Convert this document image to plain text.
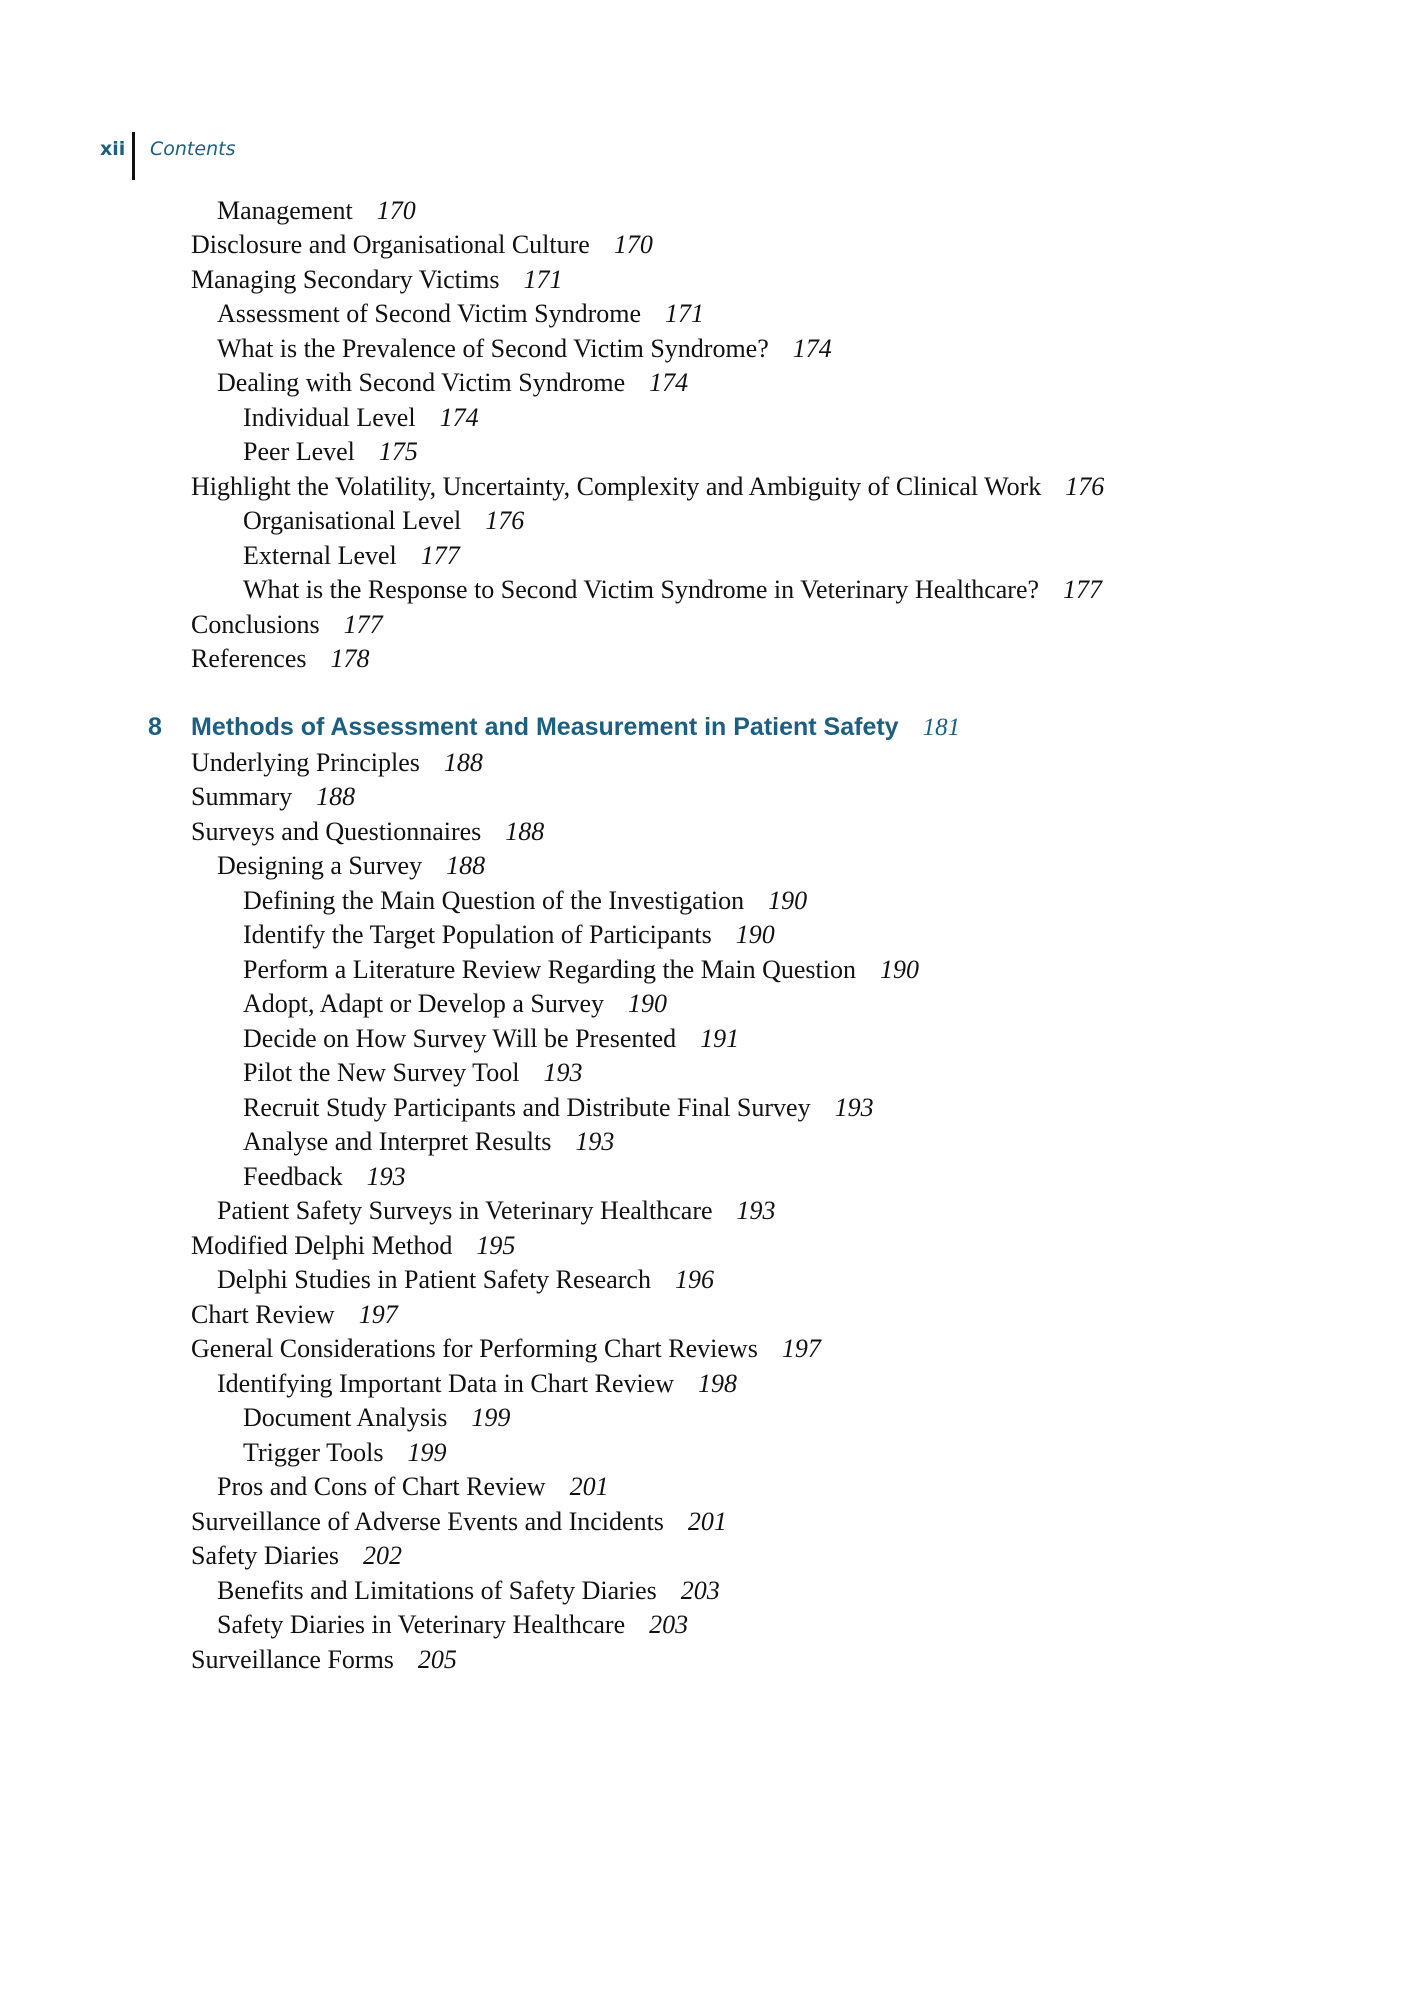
xii Contents
Management 170
Disclosure and Organisational Culture 170
Managing Secondary Victims 171
Assessment of Second Victim Syndrome 171
What is the Prevalence of Second Victim Syndrome? 174
Dealing with Second Victim Syndrome 174
Individual Level 174
Peer Level 175
Highlight the Volatility, Uncertainty, Complexity and Ambiguity of Clinical Work 176
Organisational Level 176
External Level 177
What is the Response to Second Victim Syndrome in Veterinary Healthcare? 177
Conclusions 177
References 178
8 Methods of Assessment and Measurement in Patient Safety 181
Underlying Principles 188
Summary 188
Surveys and Questionnaires 188
Designing a Survey 188
Defining the Main Question of the Investigation 190
Identify the Target Population of Participants 190
Perform a Literature Review Regarding the Main Question 190
Adopt, Adapt or Develop a Survey 190
Decide on How Survey Will be Presented 191
Pilot the New Survey Tool 193
Recruit Study Participants and Distribute Final Survey 193
Analyse and Interpret Results 193
Feedback 193
Patient Safety Surveys in Veterinary Healthcare 193
Modified Delphi Method 195
Delphi Studies in Patient Safety Research 196
Chart Review 197
General Considerations for Performing Chart Reviews 197
Identifying Important Data in Chart Review 198
Document Analysis 199
Trigger Tools 199
Pros and Cons of Chart Review 201
Surveillance of Adverse Events and Incidents 201
Safety Diaries 202
Benefits and Limitations of Safety Diaries 203
Safety Diaries in Veterinary Healthcare 203
Surveillance Forms 205
